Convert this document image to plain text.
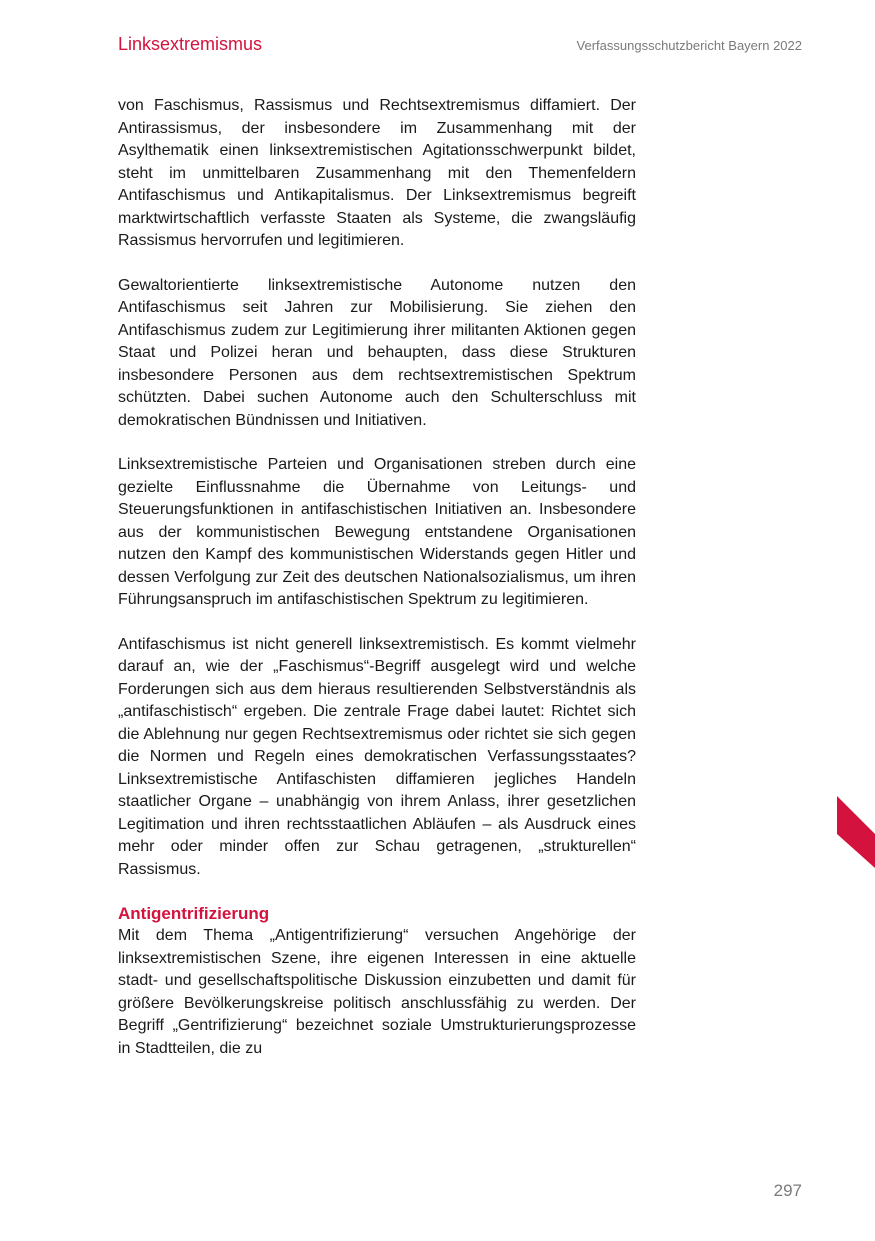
Linksextremismus	Verfassungsschutzbericht Bayern 2022

von Faschismus, Rassismus und Rechtsextremismus diffamiert. Der Antirassismus, der insbesondere im Zusammenhang mit der Asylthematik einen linksextremistischen Agitationsschwerpunkt bildet, steht im unmittelbaren Zusammenhang mit den Themenfeldern Antifaschismus und Antikapitalismus. Der Linksextremismus begreift marktwirtschaftlich verfasste Staaten als Systeme, die zwangsläufig Rassismus hervorrufen und legitimieren.

Gewaltorientierte linksextremistische Autonome nutzen den Antifaschismus seit Jahren zur Mobilisierung. Sie ziehen den Antifaschismus zudem zur Legitimierung ihrer militanten Aktionen gegen Staat und Polizei heran und behaupten, dass diese Strukturen insbesondere Personen aus dem rechtsextremistischen Spektrum schützten. Dabei suchen Autonome auch den Schulterschluss mit demokratischen Bündnissen und Initiativen.

Linksextremistische Parteien und Organisationen streben durch eine gezielte Einflussnahme die Übernahme von Leitungs- und Steuerungsfunktionen in antifaschistischen Initiativen an. Insbesondere aus der kommunistischen Bewegung entstandene Organisationen nutzen den Kampf des kommunistischen Widerstands gegen Hitler und dessen Verfolgung zur Zeit des deutschen Nationalsozialismus, um ihren Führungsanspruch im antifaschistischen Spektrum zu legitimieren.

Antifaschismus ist nicht generell linksextremistisch. Es kommt vielmehr darauf an, wie der „Faschismus“-Begriff ausgelegt wird und welche Forderungen sich aus dem hieraus resultierenden Selbstverständnis als „antifaschistisch“ ergeben. Die zentrale Frage dabei lautet: Richtet sich die Ablehnung nur gegen Rechtsextremismus oder richtet sie sich gegen die Normen und Regeln eines demokratischen Verfassungsstaates? Linksextremistische Antifaschisten diffamieren jegliches Handeln staatlicher Organe – unabhängig von ihrem Anlass, ihrer gesetzlichen Legitimation und ihren rechtsstaatlichen Abläufen – als Ausdruck eines mehr oder minder offen zur Schau getragenen, „strukturellen“ Rassismus.

Antigentrifizierung

Mit dem Thema „Antigentrifizierung“ versuchen Angehörige der linksextremistischen Szene, ihre eigenen Interessen in eine aktuelle stadt- und gesellschaftspolitische Diskussion einzubetten und damit für größere Bevölkerungskreise politisch anschlussfähig zu werden. Der Begriff „Gentrifizierung“ bezeichnet soziale Umstrukturierungsprozesse in Stadtteilen, die zu

297
